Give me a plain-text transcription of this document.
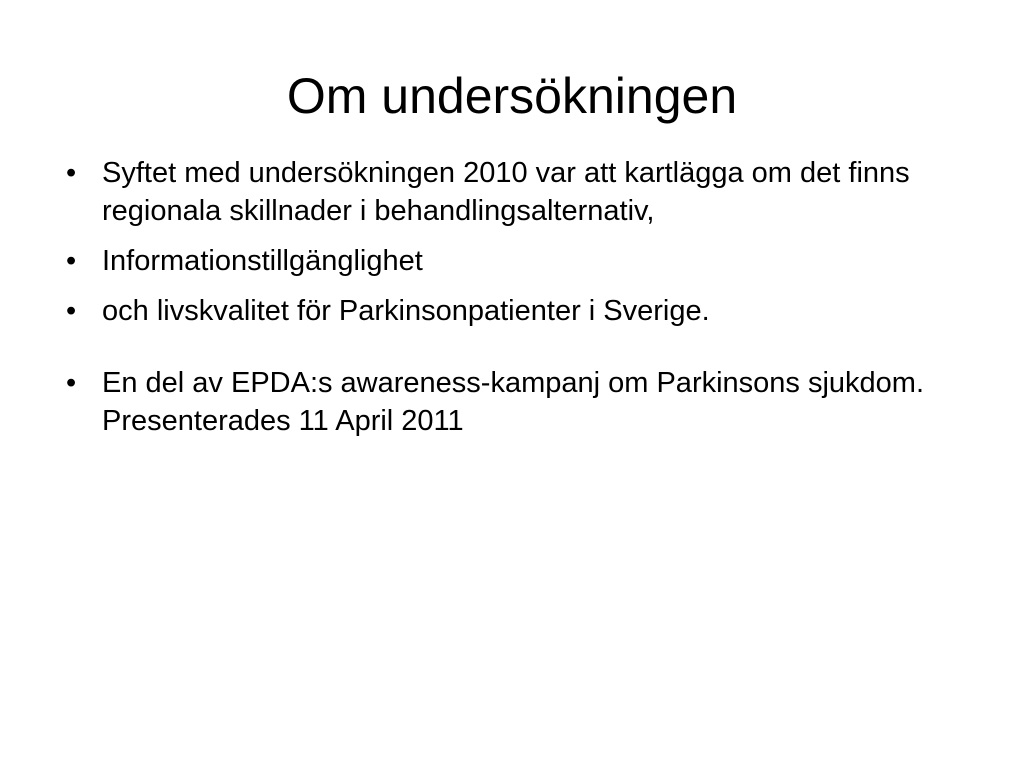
Om undersökningen
• Syftet med undersökningen 2010 var att kartlägga om det finns regionala skillnader i behandlingsalternativ,
• Informationstillgänglighet
• och livskvalitet för Parkinsonpatienter i Sverige.
• En del av EPDA:s awareness-kampanj om Parkinsons sjukdom. Presenterades 11 April 2011
